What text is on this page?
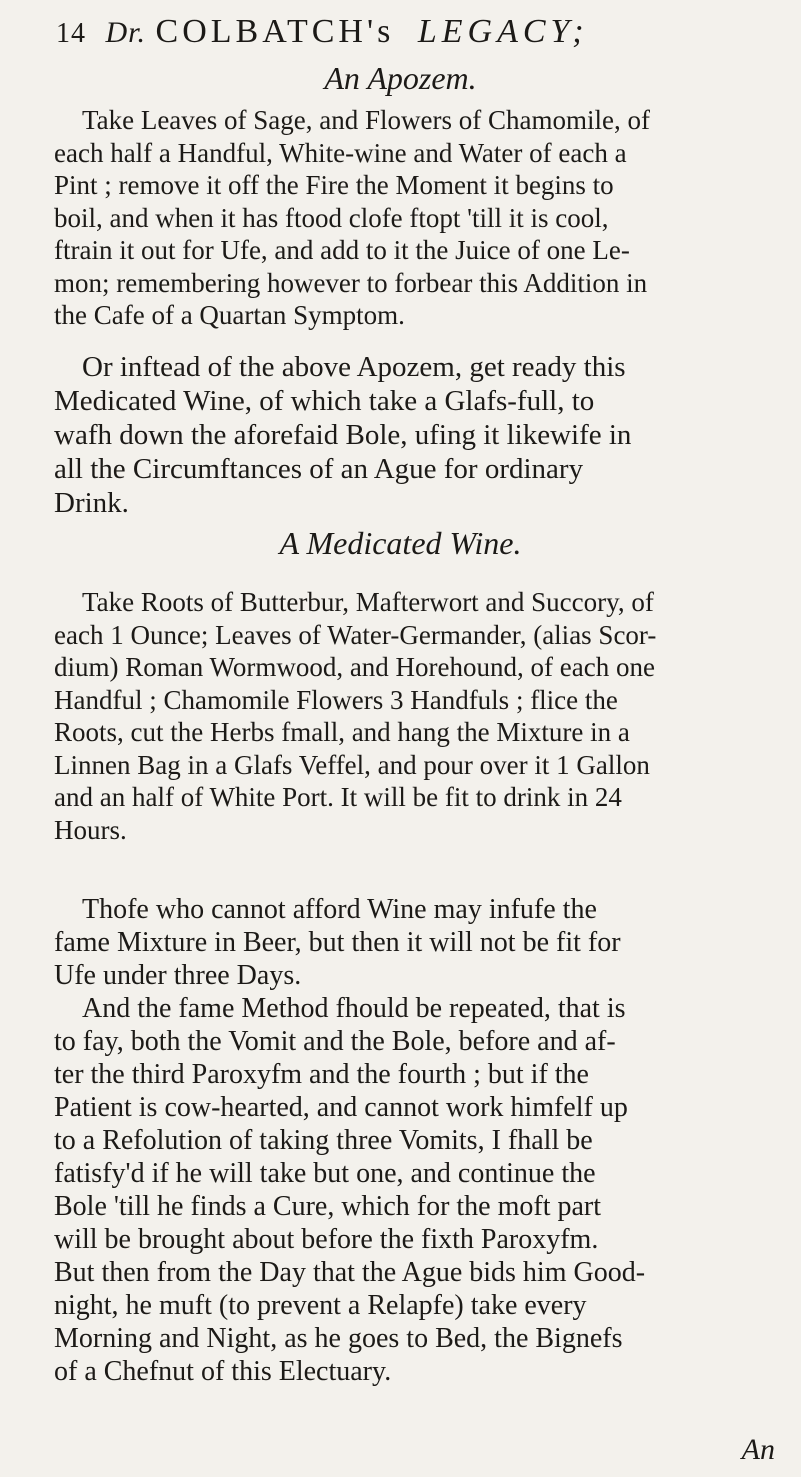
14 Dr. COLBATCH's LEGACY;
An Apozem.
Take Leaves of Sage, and Flowers of Chamomile, of
each half a Handful, White-wine and Water of each a
Pint ; remove it off the Fire the Moment it begins to
boil, and when it has ftood clofe ftopt 'till it is cool,
ftrain it out for Ufe, and add to it the Juice of one Le-
mon; remembering however to forbear this Addition in
the Cafe of a Quartan Symptom.
Or inftead of the above Apozem, get ready this
Medicated Wine, of which take a Glafs-full, to
wafh down the aforefaid Bole, ufing it likewife in
all the Circumftances of an Ague for ordinary
Drink.
A Medicated Wine.
Take Roots of Butterbur, Mafterwort and Succory, of
each 1 Ounce; Leaves of Water-Germander, (alias Scor-
dium) Roman Wormwood, and Horehound, of each one
Handful ; Chamomile Flowers 3 Handfuls ; flice the
Roots, cut the Herbs fmall, and hang the Mixture in a
Linnen Bag in a Glafs Veffel, and pour over it 1 Gallon
and an half of White Port. It will be fit to drink in 24
Hours.
Thofe who cannot afford Wine may infufe the
fame Mixture in Beer, but then it will not be fit for
Ufe under three Days.
And the fame Method fhould be repeated, that is
to fay, both the Vomit and the Bole, before and af-
ter the third Paroxyfm and the fourth ; but if the
Patient is cow-hearted, and cannot work himfelf up
to a Refolution of taking three Vomits, I fhall be
fatisfy'd if he will take but one, and continue the
Bole 'till he finds a Cure, which for the moft part
will be brought about before the fixth Paroxyfm.
But then from the Day that the Ague bids him Good-
night, he muft (to prevent a Relapfe) take every
Morning and Night, as he goes to Bed, the Bignefs
of a Chefnut of this Electuary.
An
